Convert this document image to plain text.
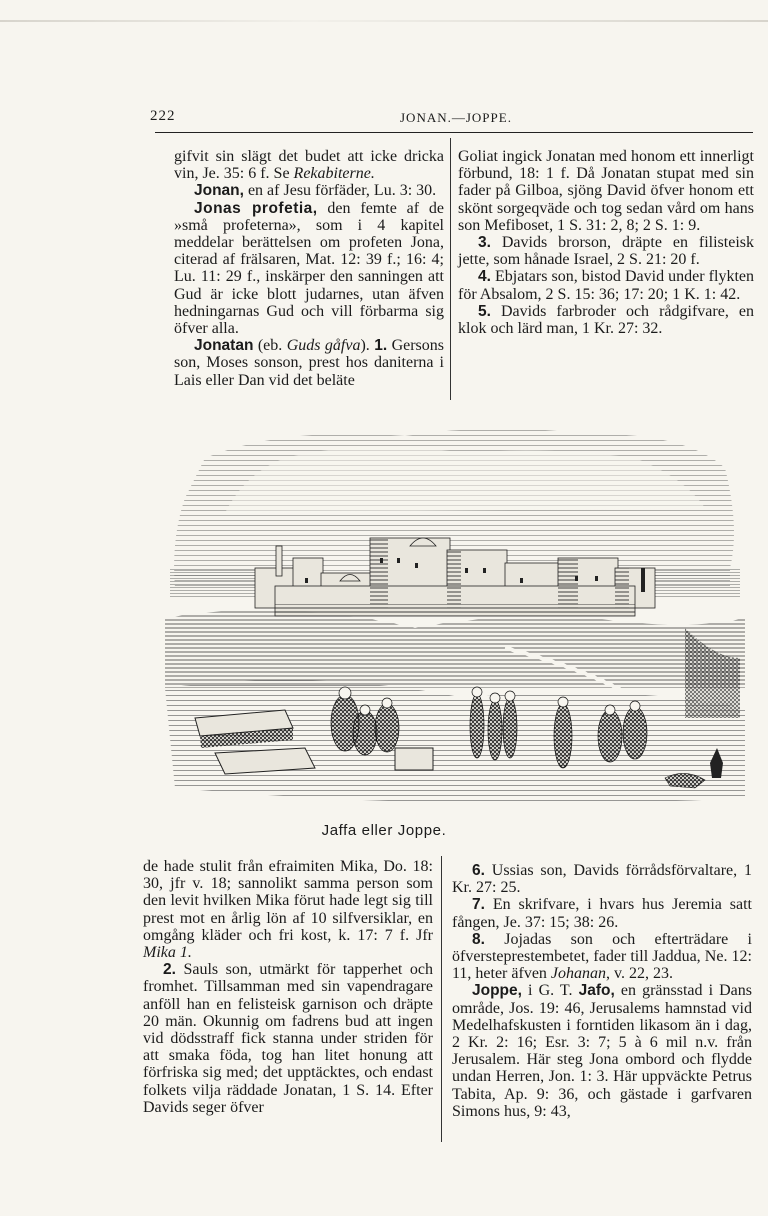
222	JONAN.—JOPPE.

gifvit sin slägt det budet att icke dricka vin, Je. 35: 6 f. Se Rekabiterne.

Jonan, en af Jesu förfäder, Lu. 3: 30.

Jonas profetia, den femte af de »små profeterna», som i 4 kapitel meddelar berättelsen om profeten Jona, citerad af frälsaren, Mat. 12: 39 f.; 16: 4; Lu. 11: 29 f., inskärper den sanningen att Gud är icke blott judarnes, utan äfven hedningarnas Gud och vill förbarma sig öfver alla.

Jonatan (eb. Guds gåfva). 1. Gersons son, Moses sonson, prest hos daniterna i Lais eller Dan vid det beläte

Goliat ingick Jonatan med honom ett innerligt förbund, 18: 1 f. Då Jonatan stupat med sin fader på Gilboa, sjöng David öfver honom ett skönt sorgeqväde och tog sedan vård om hans son Mefiboset, 1 S. 31: 2, 8; 2 S. 1: 9.

3. Davids brorson, dräpte en filisteisk jette, som hånade Israel, 2 S. 21: 20 f.

4. Ebjatars son, bistod David under flykten för Absalom, 2 S. 15: 36; 17: 20; 1 K. 1: 42.

5. Davids farbroder och rådgifvare, en klok och lärd man, 1 Kr. 27: 32.

Jaffa eller Joppe.

de hade stulit från efraimiten Mika, Do. 18: 30, jfr v. 18; sannolikt samma person som den levit hvilken Mika förut hade legt sig till prest mot en årlig lön af 10 silfversiklar, en omgång kläder och fri kost, k. 17: 7 f. Jfr Mika 1.

2. Sauls son, utmärkt för tapperhet och fromhet. Tillsamman med sin vapendragare anföll han en felisteisk garnison och dräpte 20 män. Okunnig om fadrens bud att ingen vid dödsstraff fick stanna under striden för att smaka föda, tog han litet honung att förfriska sig med; det upptäcktes, och endast folkets vilja räddade Jonatan, 1 S. 14. Efter Davids seger öfver

6. Ussias son, Davids förrådsförvaltare, 1 Kr. 27: 25.

7. En skrifvare, i hvars hus Jeremia satt fången, Je. 37: 15; 38: 26.

8. Jojadas son och efterträdare i öfversteprestembetet, fader till Jaddua, Ne. 12: 11, heter äfven Johanan, v. 22, 23.

Joppe, i G. T. Jafo, en gränsstad i Dans område, Jos. 19: 46, Jerusalems hamnstad vid Medelhafskusten i forntiden likasom än i dag, 2 Kr. 2: 16; Esr. 3: 7; 5 à 6 mil n.v. från Jerusalem. Här steg Jona ombord och flydde undan Herren, Jon. 1: 3. Här uppväckte Petrus Tabita, Ap. 9: 36, och gästade i garfvaren Simons hus, 9: 43,
